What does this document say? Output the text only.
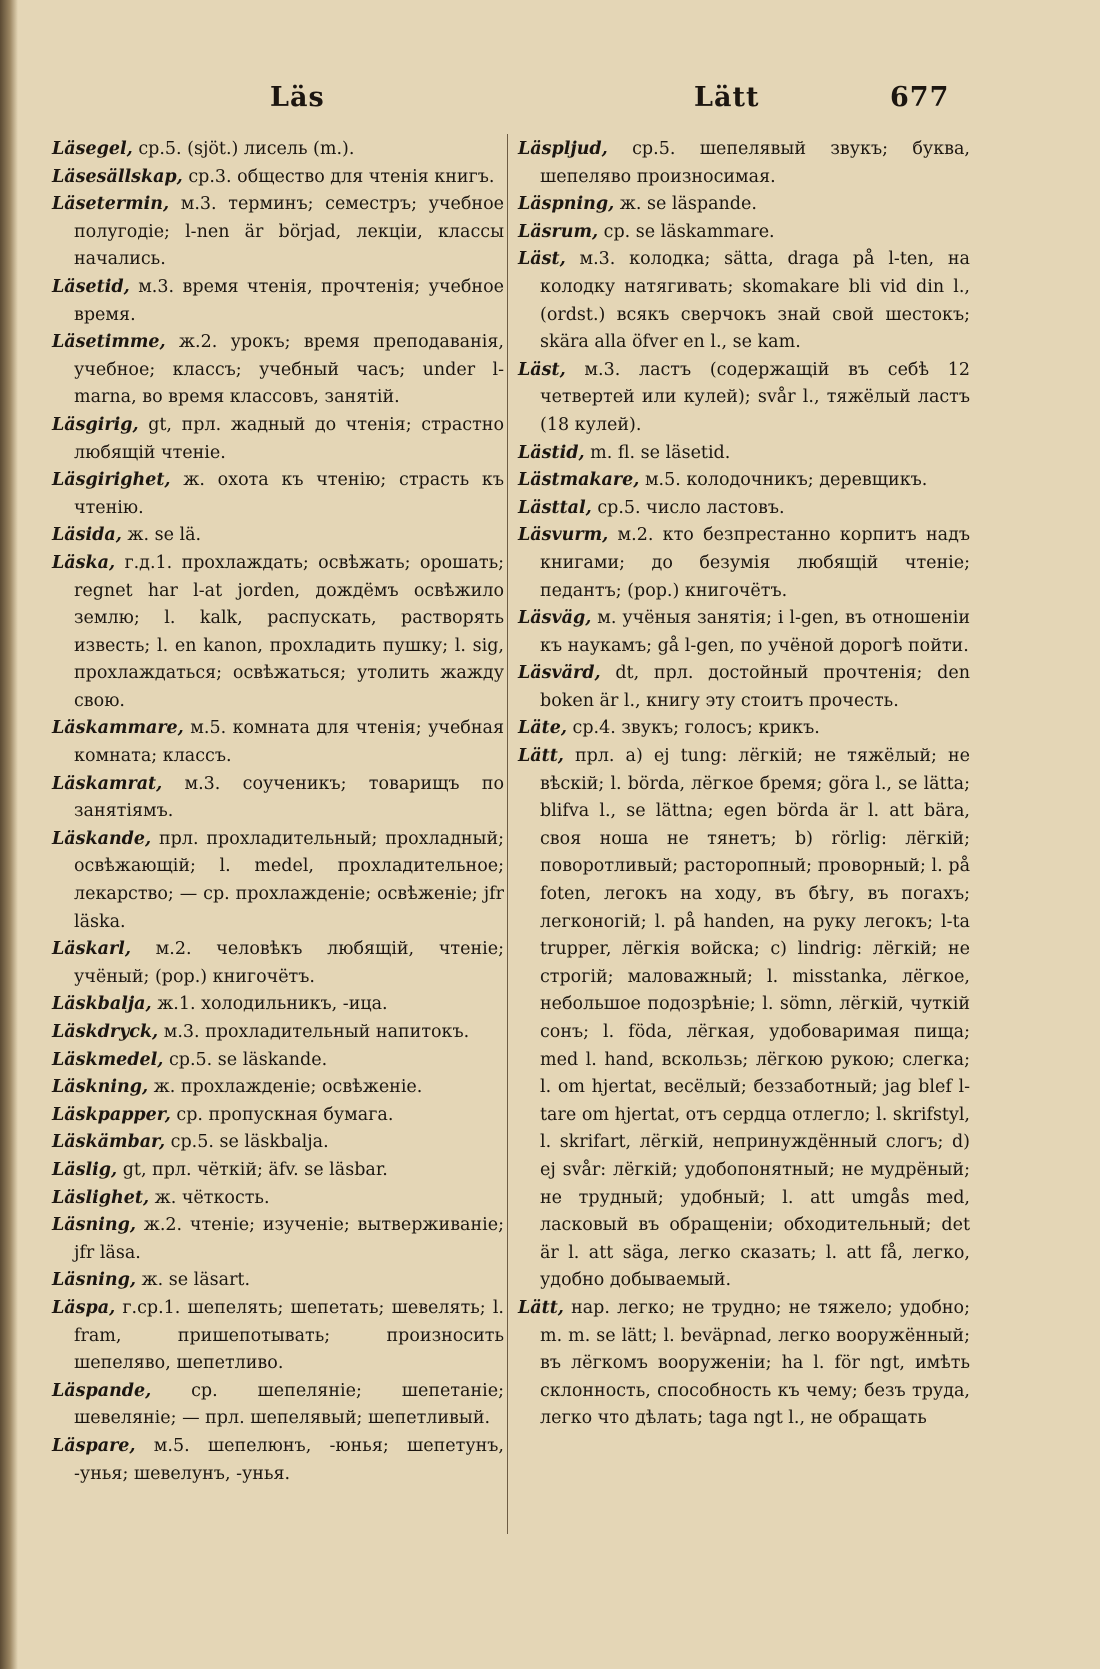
Läs	Lätt	677

Läsegel, ср.5. (sjöt.) лисель (m.).

Läsesällskap, ср.3. общество для чтенія книгъ.

Läsetermin, м.3. терминъ; семестръ; учебное полугодіе; l-nen är börjad, лекціи, классы начались.

Läsetid, м.3. время чтенія, прочтенія; учебное время.

Läsetimme, ж.2. урокъ; время преподаванія, учебное; классъ; учебный часъ; under l-marna, во время классовъ, занятій.

Läsgirig, gt, прл. жадный до чтенія; страстно любящій чтеніе.

Läsgirighet, ж. охота къ чтенію; страсть къ чтенію.

Läsida, ж. se lä.

Läska, г.д.1. прохлаждать; освѣжать; орошать; regnet har l-at jorden, дождёмъ освѣжило землю; l. kalk, распускать, растворять известь; l. en kanon, прохладить пушку; l. sig, прохлаждаться; освѣжаться; утолить жажду свою.

Läskammare, м.5. комната для чтенія; учебная комната; классъ.

Läskamrat, м.3. соученикъ; товарищъ по занятіямъ.

Läskande, прл. прохладительный; прохладный; освѣжающій; l. medel, прохладительное; лекарство; — ср. прохлажденіе; освѣженіе; jfr läska.

Läskarl, м.2. человѣкъ любящій, чтеніе; учёный; (pop.) книгочётъ.

Läskbalja, ж.1. холодильникъ, -ица.

Läskdryck, м.3. прохладительный напитокъ.

Läskmedel, ср.5. se läskande.

Läskning, ж. прохлажденіе; освѣженіе.

Läskpapper, ср. пропускная бумага.

Läskämbar, ср.5. se läskbalja.

Läslig, gt, прл. чёткій; äfv. se läsbar.

Läslighet, ж. чёткость.

Läsning, ж.2. чтеніе; изученіе; вытверживаніе; jfr läsa.

Läsning, ж. se läsart.

Läspa, г.ср.1. шепелять; шепетать; шевелять; l. fram, пришепотывать; произносить шепеляво, шепетливо.

Läspande, ср. шепеляніе; шепетаніе; шевеляніе; — прл. шепелявый; шепетливый.

Läspare, м.5. шепелюнъ, -юнья; шепетунъ, -унья; шевелунъ, -унья.

Läspljud, ср.5. шепелявый звукъ; буква, шепеляво произносимая.

Läspning, ж. se läspande.

Läsrum, ср. se läskammare.

Läst, м.3. колодка; sätta, draga på l-ten, на колодку натягивать; skomakare bli vid din l., (ordst.) всякъ сверчокъ знай свой шестокъ; skära alla öfver en l., se kam.

Läst, м.3. ластъ (содержащій въ себѣ 12 четвертей или кулей); svår l., тяжёлый ластъ (18 кулей).

Lästid, m. fl. se läsetid.

Lästmakare, м.5. колодочникъ; деревщикъ.

Lästtal, ср.5. число ластовъ.

Läsvurm, м.2. кто безпрестанно корпитъ надъ книгами; до безумія любящій чтеніе; педантъ; (pop.) книгочётъ.

Läsväg, м. учёныя занятія; i l-gen, въ отношеніи къ наукамъ; gå l-gen, по учёной дорогѣ пойти.

Läsvärd, dt, прл. достойный прочтенія; den boken är l., книгу эту стоитъ прочесть.

Läte, ср.4. звукъ; голосъ; крикъ.

Lätt, прл. a) ej tung: лёгкій; не тяжёлый; не вѣскій; l. börda, лёгкое бремя; göra l., se lätta; blifva l., se lättna; egen börda är l. att bära, своя ноша не тянетъ; b) rörlig: лёгкій; поворотливый; расторопный; проворный; l. på foten, легокъ на ходу, въ бѣгу, въ погахъ; легконогій; l. på handen, на руку легокъ; l-ta trupper, лёгкія войска; c) lindrig: лёгкій; не строгій; маловажный; l. misstanka, лёгкое, небольшое подозрѣніе; l. sömn, лёгкій, чуткій сонъ; l. föda, лёгкая, удобоваримая пища; med l. hand, вскользь; лёгкою рукою; слегка; l. om hjertat, весёлый; беззаботный; jag blef l-tare om hjertat, отъ сердца отлегло; l. skrifstyl, l. skrifart, лёгкій, непринуждённый слогъ; d) ej svår: лёгкій; удобопонятный; не мудрёный; не трудный; удобный; l. att umgås med, ласковый въ обращеніи; обходительный; det är l. att säga, легко сказать; l. att få, легко, удобно добываемый.

Lätt, нар. легко; не трудно; не тяжело; удобно; m. m. se lätt; l. beväpnad, легко вооружённый; въ лёгкомъ вооруженіи; ha l. för ngt, имѣть склонность, способность къ чему; безъ труда, легко что дѣлать; taga ngt l., не обращать
